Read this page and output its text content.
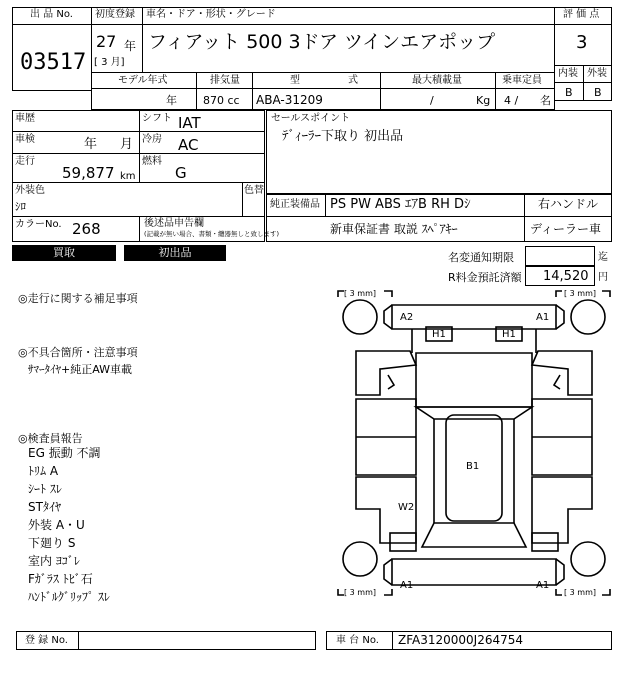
出 品 No.
03517
初度登録 車名・ドア・形状・グレード
27 年
[ 3 月]
フィアット 500 3ドア ツインエアポップ
評 価 点
3
内装 外装
B B
モデル年式
年
排気量
870 cc
型	式
ABA-31209
最大積載量
/	Kg
乗車定員
4 / 名
車歴	シフト IAT
車検	年 月 冷房 AC
走行
59,877 km
燃料
G
外装色
ｼﾛ
色替
カラーNo. 268	後述品申告欄
(記載が無い場合、書類・纜器無しと致します)
セールスポイント
ﾃﾞｨｰﾗｰ下取り 初出品
純正装備品 PS PW ABS ｴｱB RH Dｼ	右ハンドル
新車保証書 取説 ｽﾍﾟｱｷｰ	ディーラー車
買取	初出品	名変通知期限	迄
R料金預託済額 14,520 円
◎走行に関する補足事項
◎不具合箇所・注意事項
ｻﾏｰﾀｲﾔ+純正AW車載
◎検査員報告
EG 振動 不調
ﾄﾘﾑ A
ｼｰﾄ ｽﾚ
STﾀｲﾔ
外装 A・U
下廻り S
室内 ﾖｺﾞﾚ
Fｶﾞﾗｽ ﾄﾋﾞ石
ﾊﾝﾄﾞﾙｸﾞﾘｯﾌﾟ ｽﾚ
[ 3 mm]	[ 3 mm]
[ 3 mm]	[ 3 mm]
A2	A1
H1	H1
B1
W2
A1	A1
登 録 No.	車 台 No. ZFA3120000J264754
